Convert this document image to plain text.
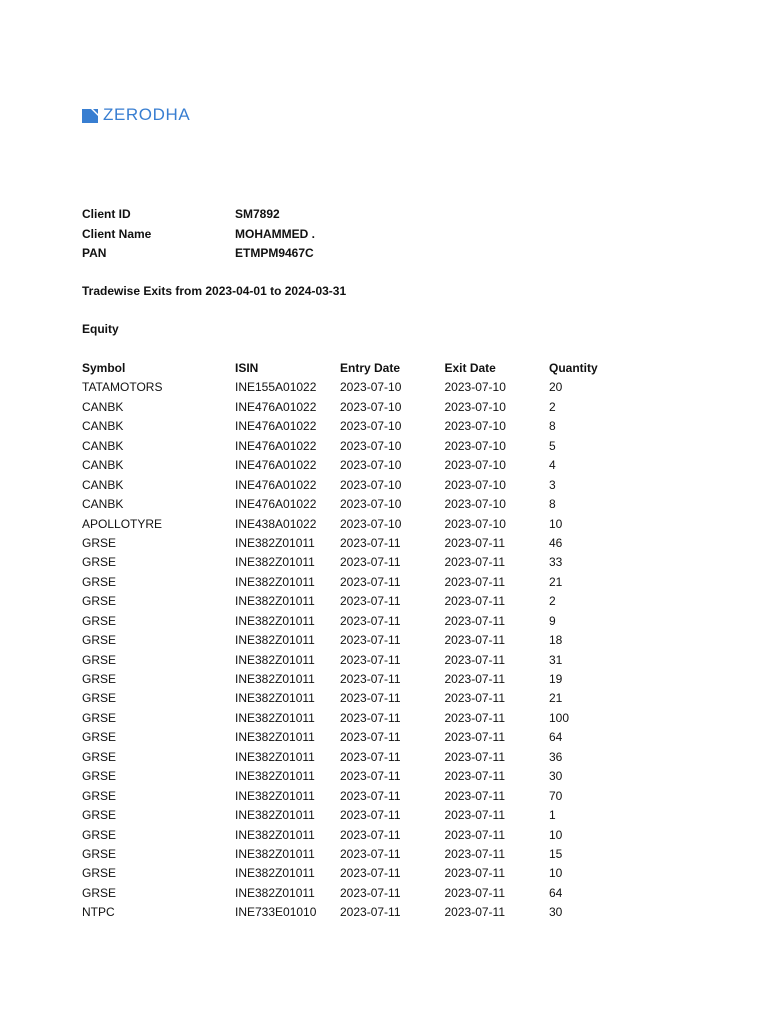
ZERODHA
Client ID	SM7892
Client Name	MOHAMMED .
PAN	ETMPM9467C
Tradewise Exits from 2023-04-01 to 2024-03-31
Equity
Symbol	ISIN	Entry Date	Exit Date	Quantity
TATAMOTORS	INE155A01022	2023-07-10	2023-07-10	20
CANBK	INE476A01022	2023-07-10	2023-07-10	2
CANBK	INE476A01022	2023-07-10	2023-07-10	8
CANBK	INE476A01022	2023-07-10	2023-07-10	5
CANBK	INE476A01022	2023-07-10	2023-07-10	4
CANBK	INE476A01022	2023-07-10	2023-07-10	3
CANBK	INE476A01022	2023-07-10	2023-07-10	8
APOLLOTYRE	INE438A01022	2023-07-10	2023-07-10	10
GRSE	INE382Z01011	2023-07-11	2023-07-11	46
GRSE	INE382Z01011	2023-07-11	2023-07-11	33
GRSE	INE382Z01011	2023-07-11	2023-07-11	21
GRSE	INE382Z01011	2023-07-11	2023-07-11	2
GRSE	INE382Z01011	2023-07-11	2023-07-11	9
GRSE	INE382Z01011	2023-07-11	2023-07-11	18
GRSE	INE382Z01011	2023-07-11	2023-07-11	31
GRSE	INE382Z01011	2023-07-11	2023-07-11	19
GRSE	INE382Z01011	2023-07-11	2023-07-11	21
GRSE	INE382Z01011	2023-07-11	2023-07-11	100
GRSE	INE382Z01011	2023-07-11	2023-07-11	64
GRSE	INE382Z01011	2023-07-11	2023-07-11	36
GRSE	INE382Z01011	2023-07-11	2023-07-11	30
GRSE	INE382Z01011	2023-07-11	2023-07-11	70
GRSE	INE382Z01011	2023-07-11	2023-07-11	1
GRSE	INE382Z01011	2023-07-11	2023-07-11	10
GRSE	INE382Z01011	2023-07-11	2023-07-11	15
GRSE	INE382Z01011	2023-07-11	2023-07-11	10
GRSE	INE382Z01011	2023-07-11	2023-07-11	64
NTPC	INE733E01010	2023-07-11	2023-07-11	30
